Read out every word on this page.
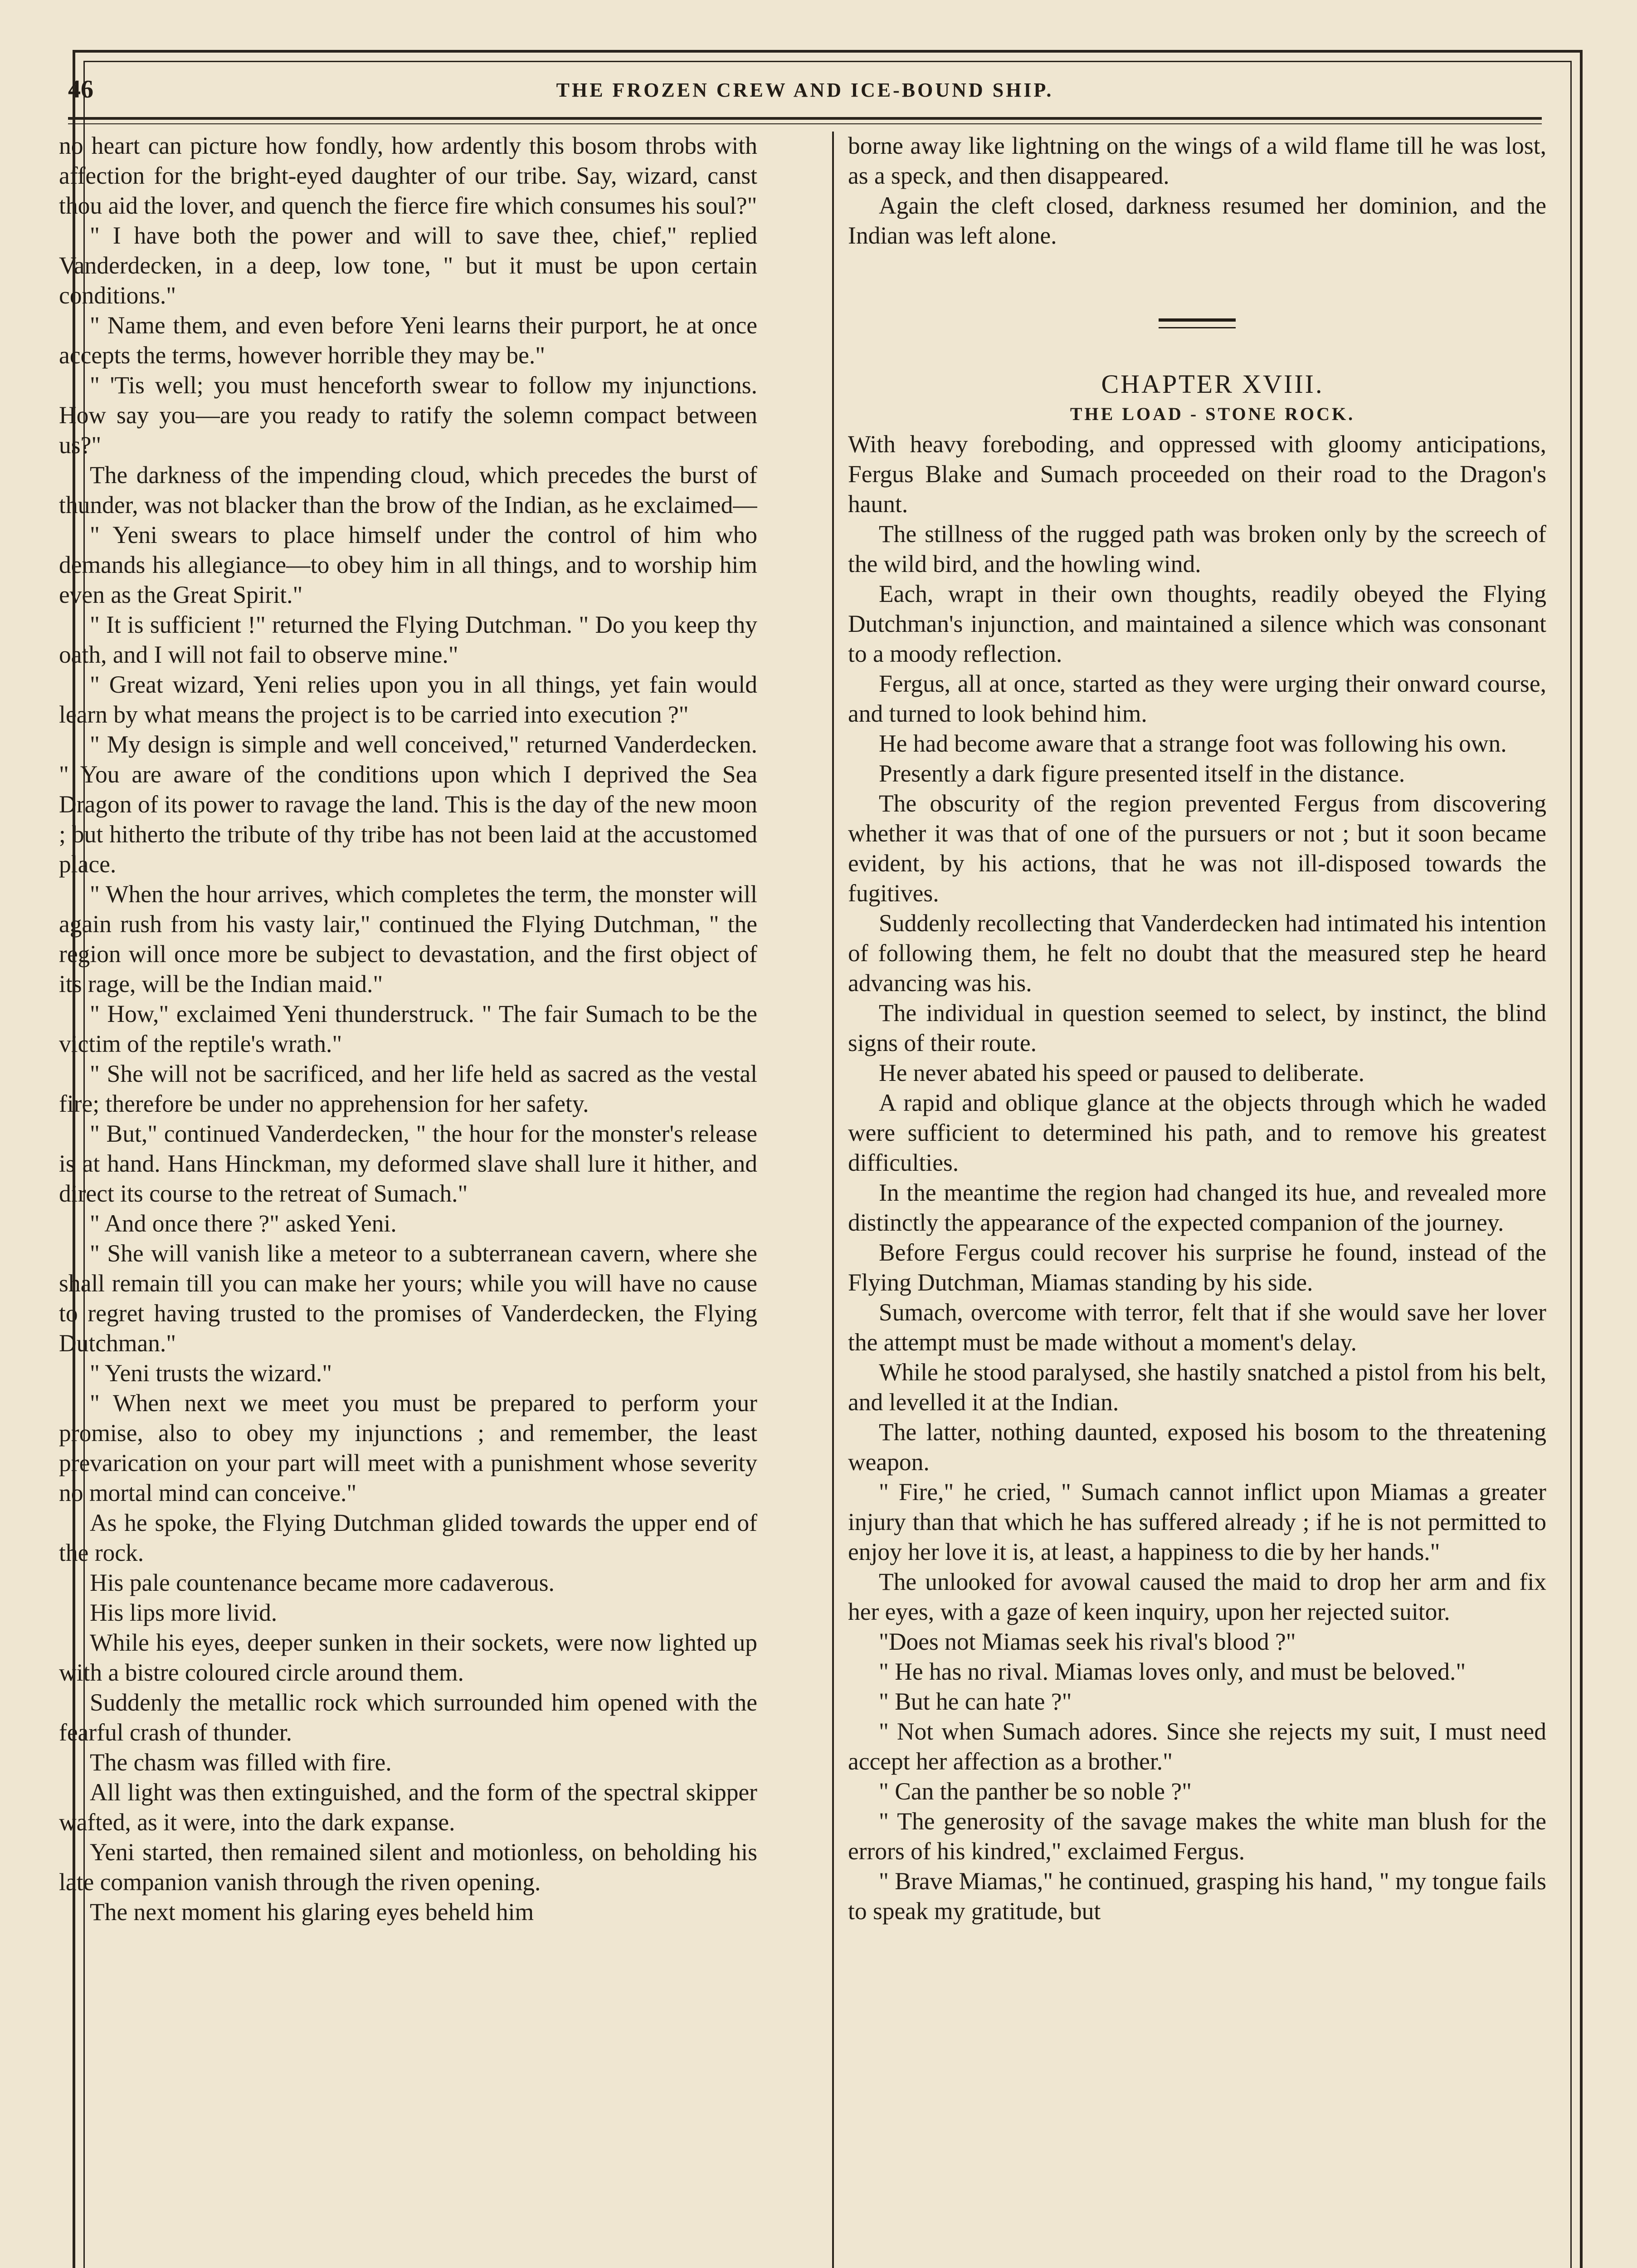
46	THE FROZEN CREW AND ICE-BOUND SHIP.

no heart can picture how fondly, how ardently this bosom throbs with affection for the bright-eyed daughter of our tribe. Say, wizard, canst thou aid the lover, and quench the fierce fire which consumes his soul?"

" I have both the power and will to save thee, chief," replied Vanderdecken, in a deep, low tone, " but it must be upon certain conditions."

" Name them, and even before Yeni learns their purport, he at once accepts the terms, however horrible they may be."

" 'Tis well; you must henceforth swear to follow my injunctions. How say you—are you ready to ratify the solemn compact between us?"

The darkness of the impending cloud, which precedes the burst of thunder, was not blacker than the brow of the Indian, as he exclaimed—

" Yeni swears to place himself under the control of him who demands his allegiance—to obey him in all things, and to worship him even as the Great Spirit."

" It is sufficient !" returned the Flying Dutchman. " Do you keep thy oath, and I will not fail to observe mine."

" Great wizard, Yeni relies upon you in all things, yet fain would learn by what means the project is to be carried into execution ?"

" My design is simple and well conceived," returned Vanderdecken. " You are aware of the conditions upon which I deprived the Sea Dragon of its power to ravage the land. This is the day of the new moon ; but hitherto the tribute of thy tribe has not been laid at the accustomed place.

" When the hour arrives, which completes the term, the monster will again rush from his vasty lair," continued the Flying Dutchman, " the region will once more be subject to devastation, and the first object of its rage, will be the Indian maid."

" How," exclaimed Yeni thunderstruck. " The fair Sumach to be the victim of the reptile's wrath."

" She will not be sacrificed, and her life held as sacred as the vestal fire; therefore be under no apprehension for her safety.

" But," continued Vanderdecken, " the hour for the monster's release is at hand. Hans Hinckman, my deformed slave shall lure it hither, and direct its course to the retreat of Sumach."

" And once there ?" asked Yeni.

" She will vanish like a meteor to a subterranean cavern, where she shall remain till you can make her yours; while you will have no cause to regret having trusted to the promises of Vanderdecken, the Flying Dutchman."

" Yeni trusts the wizard."

" When next we meet you must be prepared to perform your promise, also to obey my injunctions ; and remember, the least prevarication on your part will meet with a punishment whose severity no mortal mind can conceive."

As he spoke, the Flying Dutchman glided towards the upper end of the rock.

His pale countenance became more cadaverous.

His lips more livid.

While his eyes, deeper sunken in their sockets, were now lighted up with a bistre coloured circle around them.

Suddenly the metallic rock which surrounded him opened with the fearful crash of thunder.

The chasm was filled with fire.

All light was then extinguished, and the form of the spectral skipper wafted, as it were, into the dark expanse.

Yeni started, then remained silent and motionless, on beholding his late companion vanish through the riven opening.

The next moment his glaring eyes beheld him

borne away like lightning on the wings of a wild flame till he was lost, as a speck, and then disappeared.

Again the cleft closed, darkness resumed her dominion, and the Indian was left alone.

CHAPTER XVIII.

THE LOAD - STONE ROCK.

With heavy foreboding, and oppressed with gloomy anticipations, Fergus Blake and Sumach proceeded on their road to the Dragon's haunt.

The stillness of the rugged path was broken only by the screech of the wild bird, and the howling wind.

Each, wrapt in their own thoughts, readily obeyed the Flying Dutchman's injunction, and maintained a silence which was consonant to a moody reflection.

Fergus, all at once, started as they were urging their onward course, and turned to look behind him.

He had become aware that a strange foot was following his own.

Presently a dark figure presented itself in the distance.

The obscurity of the region prevented Fergus from discovering whether it was that of one of the pursuers or not ; but it soon became evident, by his actions, that he was not ill-disposed towards the fugitives.

Suddenly recollecting that Vanderdecken had intimated his intention of following them, he felt no doubt that the measured step he heard advancing was his.

The individual in question seemed to select, by instinct, the blind signs of their route.

He never abated his speed or paused to deliberate.

A rapid and oblique glance at the objects through which he waded were sufficient to determined his path, and to remove his greatest difficulties.

In the meantime the region had changed its hue, and revealed more distinctly the appearance of the expected companion of the journey.

Before Fergus could recover his surprise he found, instead of the Flying Dutchman, Miamas standing by his side.

Sumach, overcome with terror, felt that if she would save her lover the attempt must be made without a moment's delay.

While he stood paralysed, she hastily snatched a pistol from his belt, and levelled it at the Indian.

The latter, nothing daunted, exposed his bosom to the threatening weapon.

" Fire," he cried, " Sumach cannot inflict upon Miamas a greater injury than that which he has suffered already ; if he is not permitted to enjoy her love it is, at least, a happiness to die by her hands."

The unlooked for avowal caused the maid to drop her arm and fix her eyes, with a gaze of keen inquiry, upon her rejected suitor.

"Does not Miamas seek his rival's blood ?"

" He has no rival. Miamas loves only, and must be beloved."

" But he can hate ?"

" Not when Sumach adores. Since she rejects my suit, I must need accept her affection as a brother."

" Can the panther be so noble ?"

" The generosity of the savage makes the white man blush for the errors of his kindred," exclaimed Fergus.

" Brave Miamas," he continued, grasping his hand, " my tongue fails to speak my gratitude, but
